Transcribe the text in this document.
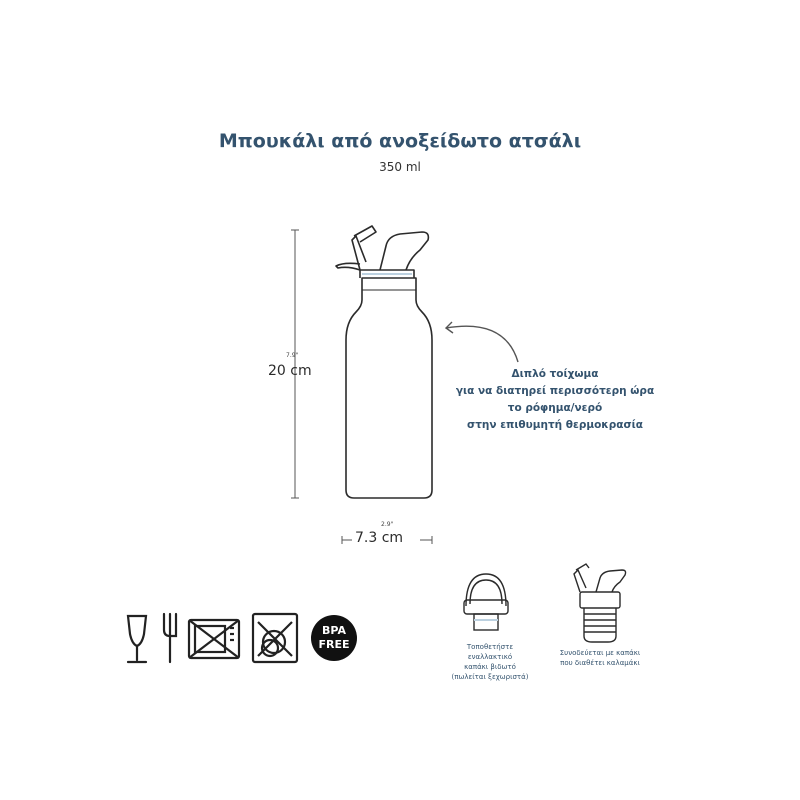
Μπουκάλι από ανοξείδωτο ατσάλι
350 ml
BPA
FREE
7.9"
20 cm
2.9"
7.3 cm
Διπλό τοίχωμα
για να διατηρεί περισσότερη ώρα
το ρόφημα/νερό
στην επιθυμητή θερμοκρασία
Τοποθετήστε
εναλλακτικό
καπάκι βιδωτό
(πωλείται ξεχωριστά)
Συνοδεύεται με καπάκι
που διαθέτει καλαμάκι
